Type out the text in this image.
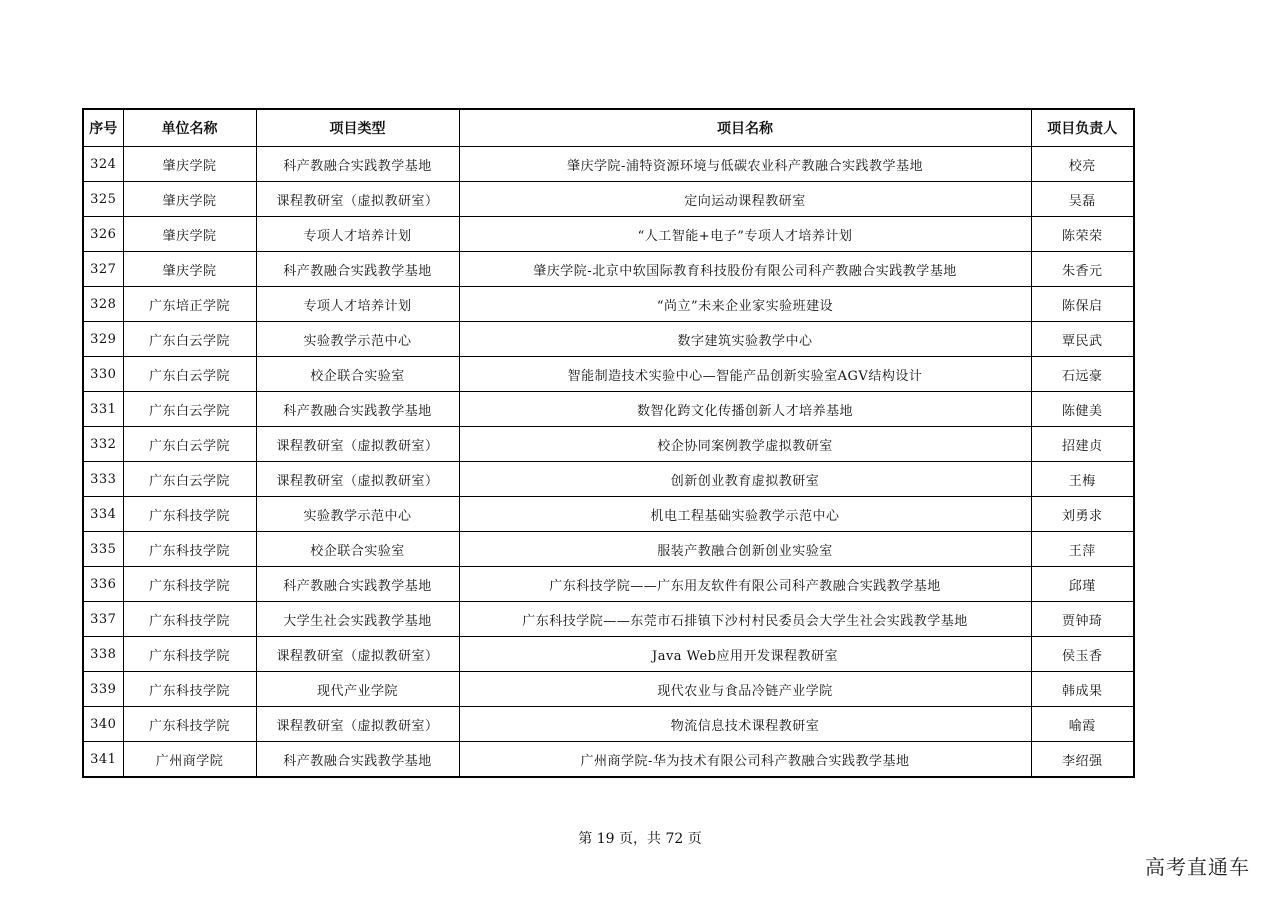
序号	单位名称	项目类型	项目名称	项目负责人
324	肇庆学院	科产教融合实践教学基地	肇庆学院-浦特资源环境与低碳农业科产教融合实践教学基地	校亮
325	肇庆学院	课程教研室（虚拟教研室）	定向运动课程教研室	吴磊
326	肇庆学院	专项人才培养计划	“人工智能+电子”专项人才培养计划	陈荣荣
327	肇庆学院	科产教融合实践教学基地	肇庆学院-北京中软国际教育科技股份有限公司科产教融合实践教学基地	朱香元
328	广东培正学院	专项人才培养计划	“尚立”未来企业家实验班建设	陈保启
329	广东白云学院	实验教学示范中心	数字建筑实验教学中心	覃民武
330	广东白云学院	校企联合实验室	智能制造技术实验中心—智能产品创新实验室AGV结构设计	石远豪
331	广东白云学院	科产教融合实践教学基地	数智化跨文化传播创新人才培养基地	陈健美
332	广东白云学院	课程教研室（虚拟教研室）	校企协同案例教学虚拟教研室	招建贞
333	广东白云学院	课程教研室（虚拟教研室）	创新创业教育虚拟教研室	王梅
334	广东科技学院	实验教学示范中心	机电工程基础实验教学示范中心	刘勇求
335	广东科技学院	校企联合实验室	服装产教融合创新创业实验室	王萍
336	广东科技学院	科产教融合实践教学基地	广东科技学院——广东用友软件有限公司科产教融合实践教学基地	邱瑾
337	广东科技学院	大学生社会实践教学基地	广东科技学院——东莞市石排镇下沙村村民委员会大学生社会实践教学基地	贾钟琦
338	广东科技学院	课程教研室（虚拟教研室）	Java Web应用开发课程教研室	侯玉香
339	广东科技学院	现代产业学院	现代农业与食品冷链产业学院	韩成果
340	广东科技学院	课程教研室（虚拟教研室）	物流信息技术课程教研室	喻霞
341	广州商学院	科产教融合实践教学基地	广州商学院-华为技术有限公司科产教融合实践教学基地	李绍强
第 19 页，共 72 页
高考直通车
